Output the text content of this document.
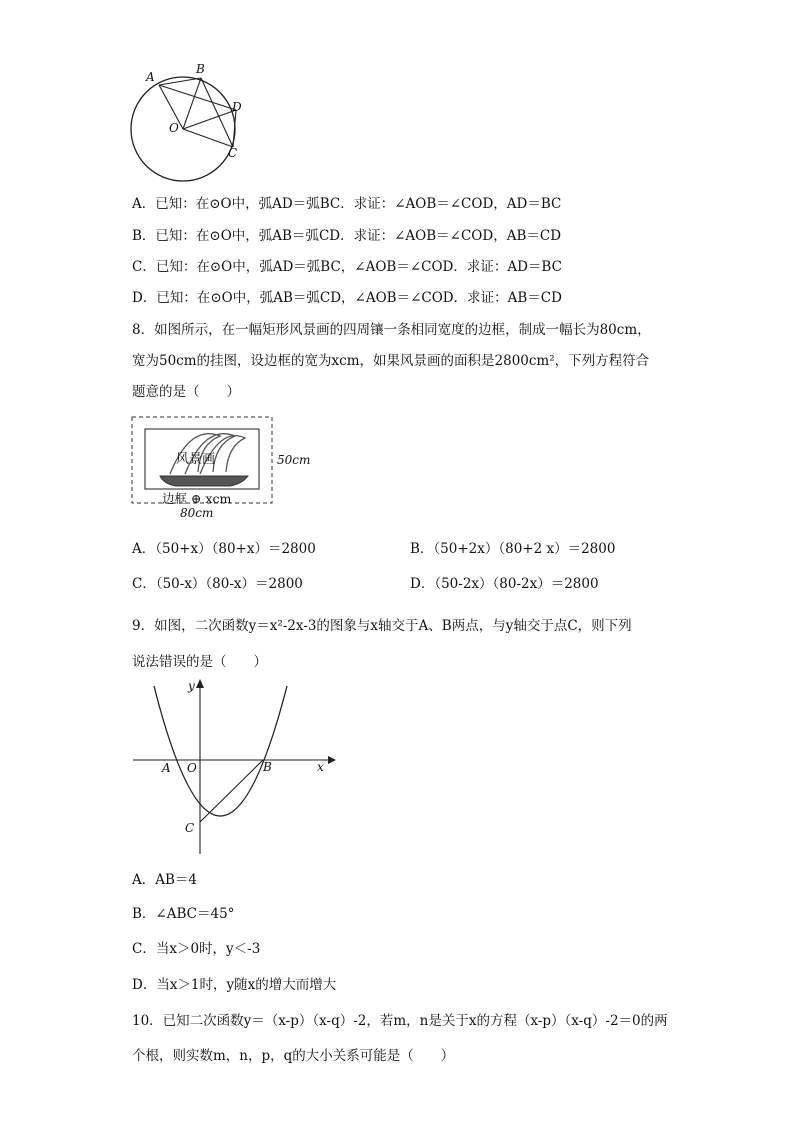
A
B
D
O
C
A．已知：在⊙O中，弧AD＝弧BC．求证：∠AOB＝∠COD，AD＝BC
B．已知：在⊙O中，弧AB＝弧CD．求证：∠AOB＝∠COD，AB＝CD
C．已知：在⊙O中，弧AD＝弧BC，∠AOB＝∠COD．求证：AD＝BC
D．已知：在⊙O中，弧AB＝弧CD，∠AOB＝∠COD．求证：AB＝CD
8．如图所示，在一幅矩形风景画的四周镶一条相同宽度的边框，制成一幅长为80cm，
宽为50cm的挂图，设边框的宽为xcm，如果风景画的面积是2800cm²，下列方程符合
题意的是（　　）
风景画
边框 ⊕ xcm
50cm
80cm
A．（50+x）（80+x）＝2800	B．（50+2x）（80+2 x）＝2800
C．（50-x）（80-x）＝2800	D．（50-2x）（80-2x）＝2800
9．如图，二次函数y＝x²-2x-3的图象与x轴交于A、B两点，与y轴交于点C，则下列
说法错误的是（　　）
y
x
A O	B
C
A．AB＝4
B．∠ABC＝45°
C．当x＞0时，y＜-3
D．当x＞1时，y随x的增大而增大
10．已知二次函数y＝（x-p）（x-q）-2，若m，n是关于x的方程（x-p）（x-q）-2＝0的两
个根，则实数m，n，p，q的大小关系可能是（　　）
